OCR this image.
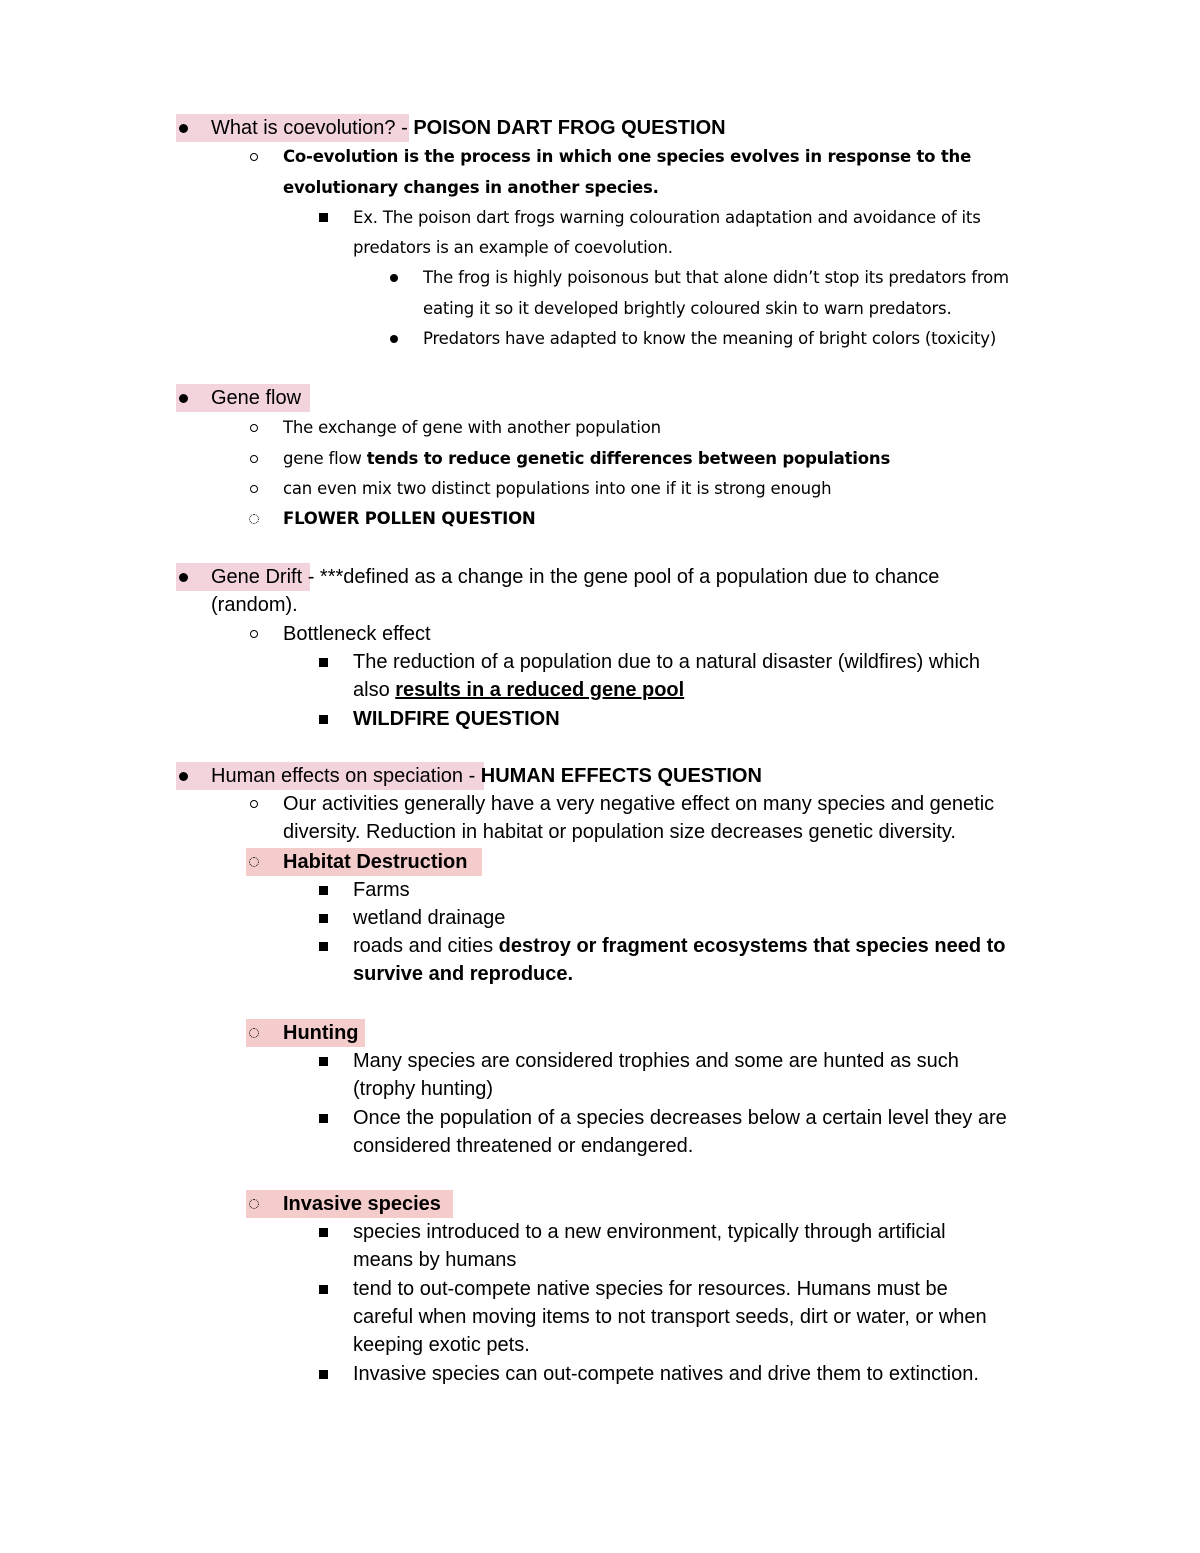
What is coevolution? - POISON DART FROG QUESTION
Co-evolution is the process in which one species evolves in response to the
evolutionary changes in another species.
Ex. The poison dart frogs warning colouration adaptation and avoidance of its
predators is an example of coevolution.
The frog is highly poisonous but that alone didn’t stop its predators from
eating it so it developed brightly coloured skin to warn predators.
Predators have adapted to know the meaning of bright colors (toxicity)
Gene flow
The exchange of gene with another population
gene flow tends to reduce genetic differences between populations
can even mix two distinct populations into one if it is strong enough
FLOWER POLLEN QUESTION
Gene Drift - ***defined as a change in the gene pool of a population due to chance
(random).
Bottleneck effect
The reduction of a population due to a natural disaster (wildfires) which
also results in a reduced gene pool
WILDFIRE QUESTION
Human effects on speciation - HUMAN EFFECTS QUESTION
Our activities generally have a very negative effect on many species and genetic
diversity. Reduction in habitat or population size decreases genetic diversity.
Habitat Destruction
Farms
wetland drainage
roads and cities destroy or fragment ecosystems that species need to
survive and reproduce.
Hunting
Many species are considered trophies and some are hunted as such
(trophy hunting)
Once the population of a species decreases below a certain level they are
considered threatened or endangered.
Invasive species
species introduced to a new environment, typically through artificial
means by humans
tend to out-compete native species for resources. Humans must be
careful when moving items to not transport seeds, dirt or water, or when
keeping exotic pets.
Invasive species can out-compete natives and drive them to extinction.
